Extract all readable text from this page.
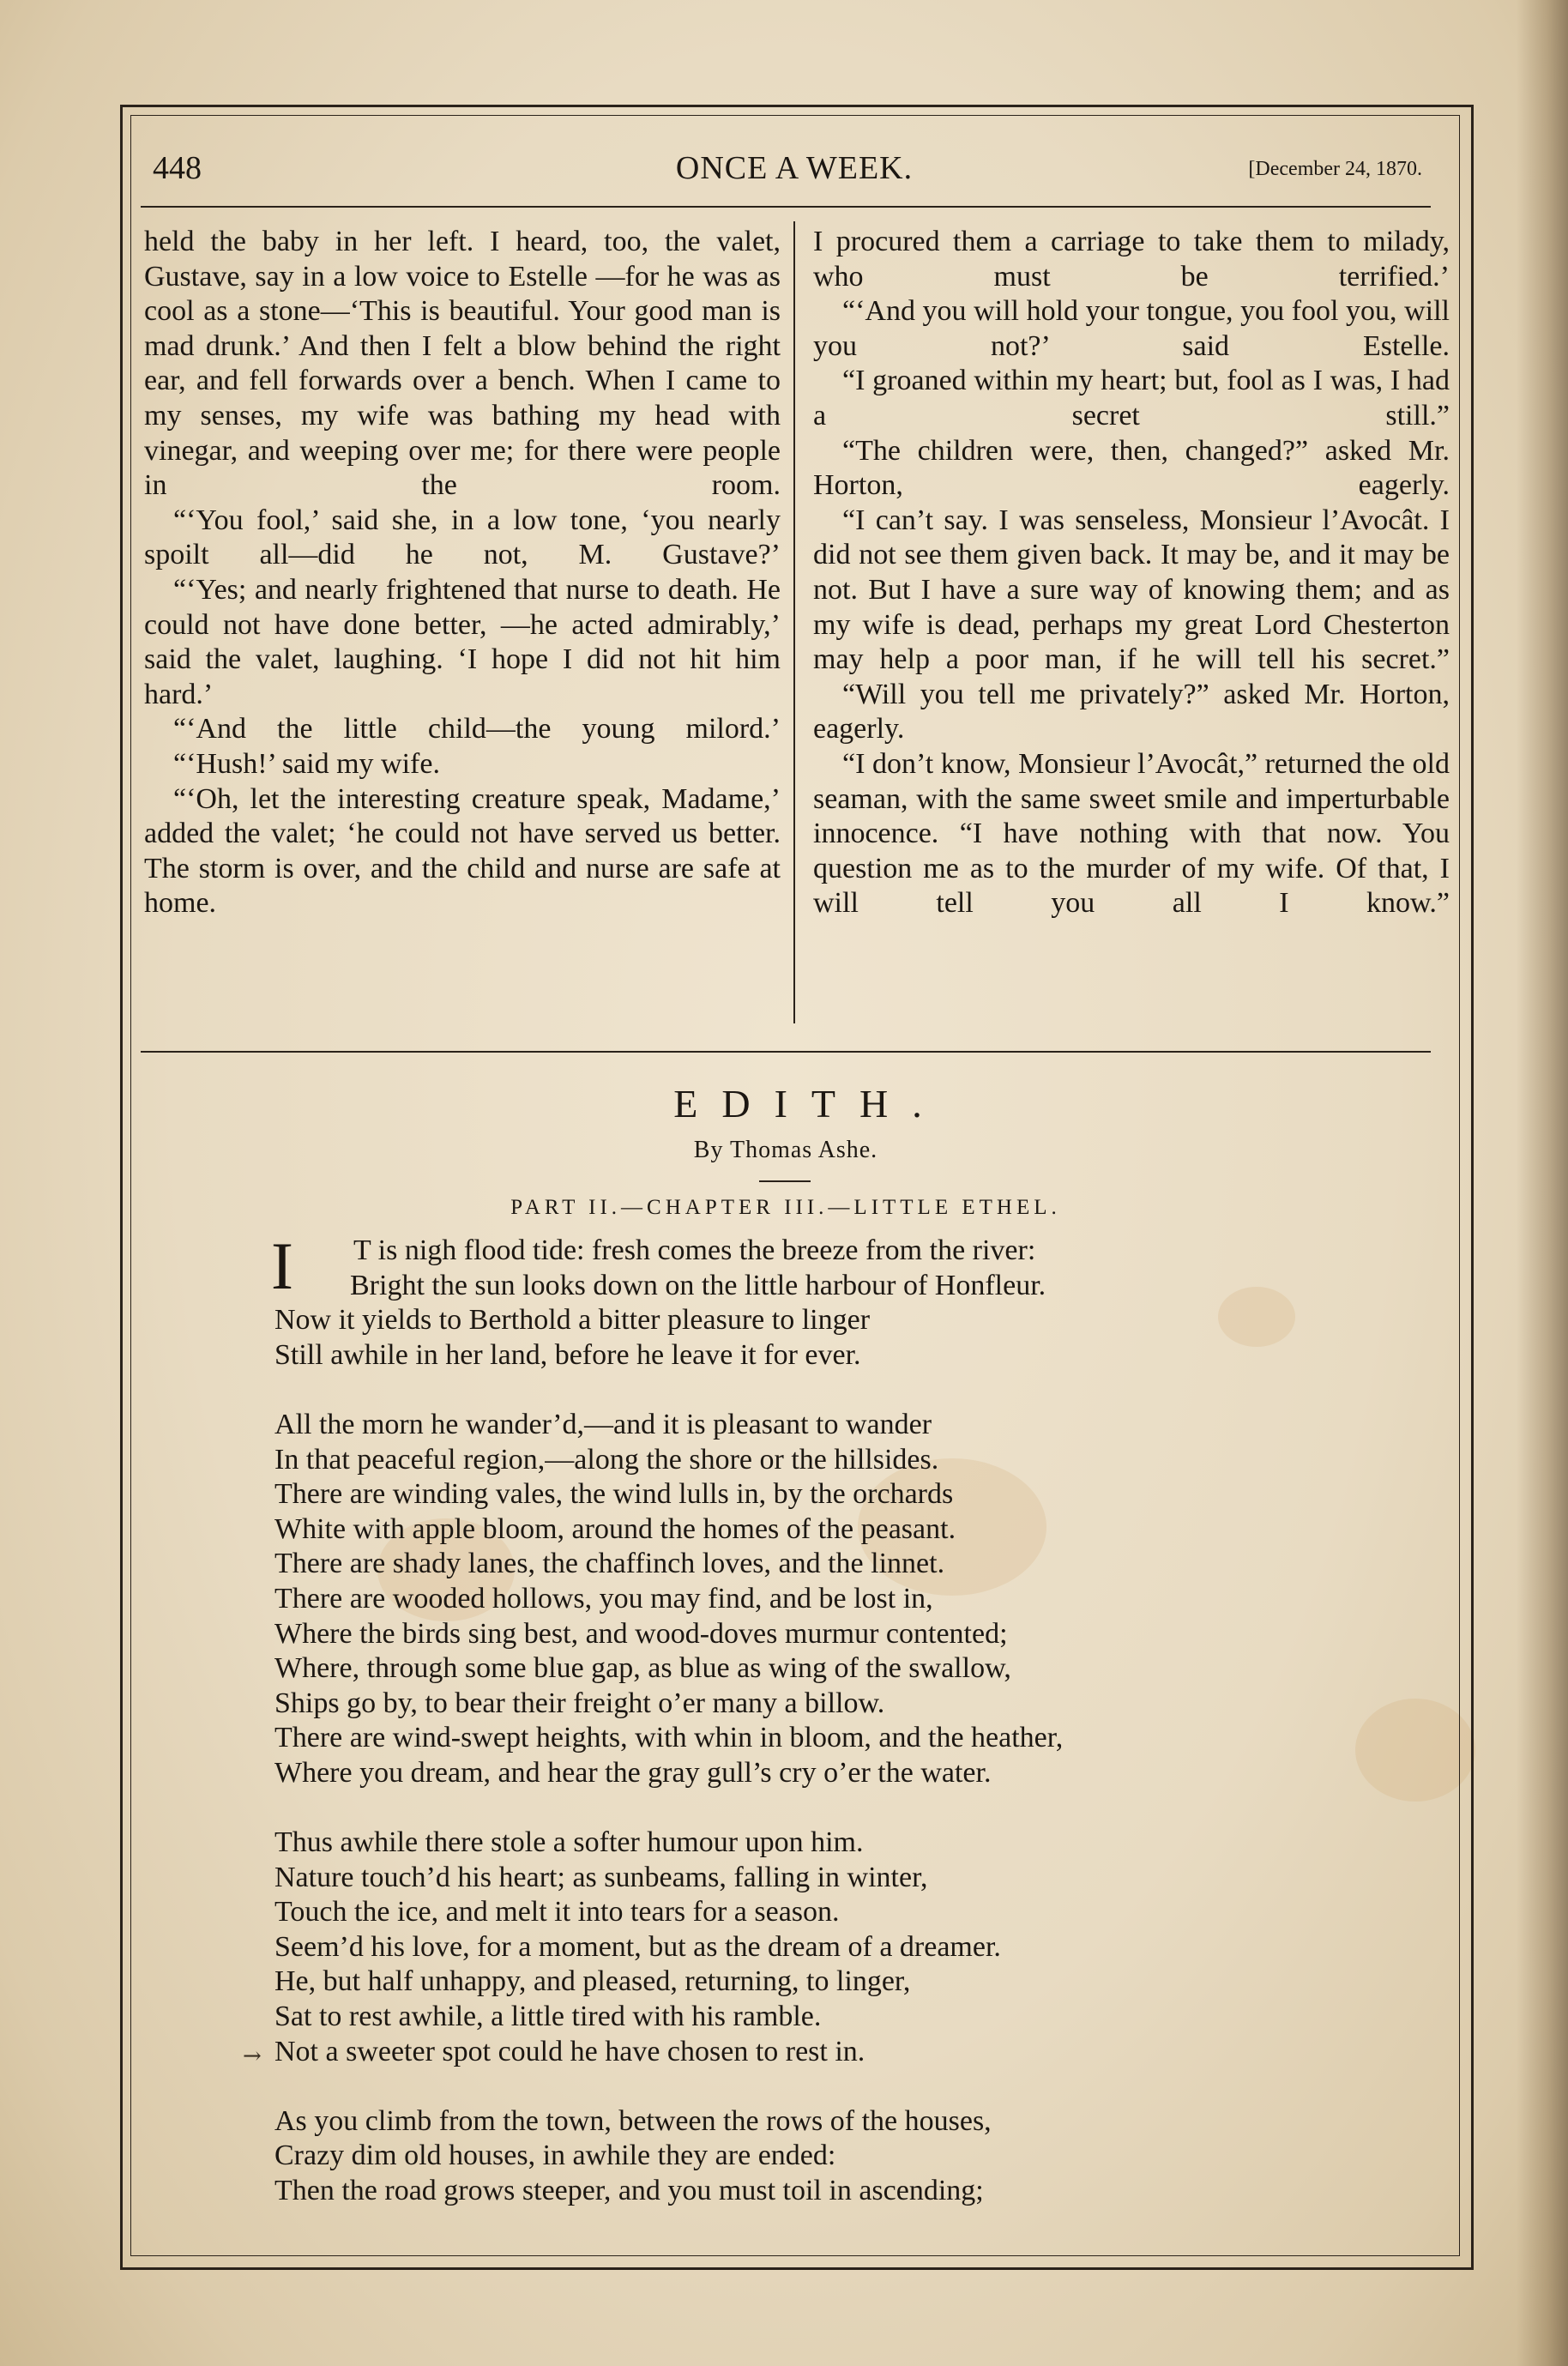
448	ONCE A WEEK.	[December 24, 1870.

held the baby in her left. I heard, too, the valet, Gustave, say in a low voice to Estelle —for he was as cool as a stone—‘This is beautiful. Your good man is mad drunk.’ And then I felt a blow behind the right ear, and fell forwards over a bench. When I came to my senses, my wife was bathing my head with vinegar, and weeping over me; for there were people in the room.

“‘You fool,’ said she, in a low tone, ‘you nearly spoilt all—did he not, M. Gustave?’

“‘Yes; and nearly frightened that nurse to death. He could not have done better, —he acted admirably,’ said the valet, laughing. ‘I hope I did not hit him hard.’

“‘And the little child—the young milord.’

“‘Hush!’ said my wife.

“‘Oh, let the interesting creature speak, Madame,’ added the valet; ‘he could not have served us better. The storm is over, and the child and nurse are safe at home.

I procured them a carriage to take them to milady, who must be terrified.’

“‘And you will hold your tongue, you fool you, will you not?’ said Estelle.

“I groaned within my heart; but, fool as I was, I had a secret still.”

“The children were, then, changed?” asked Mr. Horton, eagerly.

“I can’t say. I was senseless, Monsieur l’Avocât. I did not see them given back. It may be, and it may be not. But I have a sure way of knowing them; and as my wife is dead, perhaps my great Lord Chesterton may help a poor man, if he will tell his secret.”

“Will you tell me privately?” asked Mr. Horton, eagerly.

“I don’t know, Monsieur l’Avocât,” returned the old seaman, with the same sweet smile and imperturbable innocence. “I have nothing with that now. You question me as to the murder of my wife. Of that, I will tell you all I know.”

EDITH.
By Thomas Ashe.
PART II.—CHAPTER III.—LITTLE ETHEL.
I T is nigh flood tide: fresh comes the breeze from the river:
Bright the sun looks down on the little harbour of Honfleur.
Now it yields to Berthold a bitter pleasure to linger
Still awhile in her land, before he leave it for ever.
All the morn he wander’d,—and it is pleasant to wander
In that peaceful region,—along the shore or the hillsides.
There are winding vales, the wind lulls in, by the orchards
White with apple bloom, around the homes of the peasant.
There are shady lanes, the chaffinch loves, and the linnet.
There are wooded hollows, you may find, and be lost in,
Where the birds sing best, and wood-doves murmur contented;
Where, through some blue gap, as blue as wing of the swallow,
Ships go by, to bear their freight o’er many a billow.
There are wind-swept heights, with whin in bloom, and the heather,
Where you dream, and hear the gray gull’s cry o’er the water.
Thus awhile there stole a softer humour upon him.
Nature touch’d his heart; as sunbeams, falling in winter,
Touch the ice, and melt it into tears for a season.
Seem’d his love, for a moment, but as the dream of a dreamer.
He, but half unhappy, and pleased, returning, to linger,
Sat to rest awhile, a little tired with his ramble.
Not a sweeter spot could he have chosen to rest in.
As you climb from the town, between the rows of the houses,
Crazy dim old houses, in awhile they are ended:
Then the road grows steeper, and you must toil in ascending;
→
